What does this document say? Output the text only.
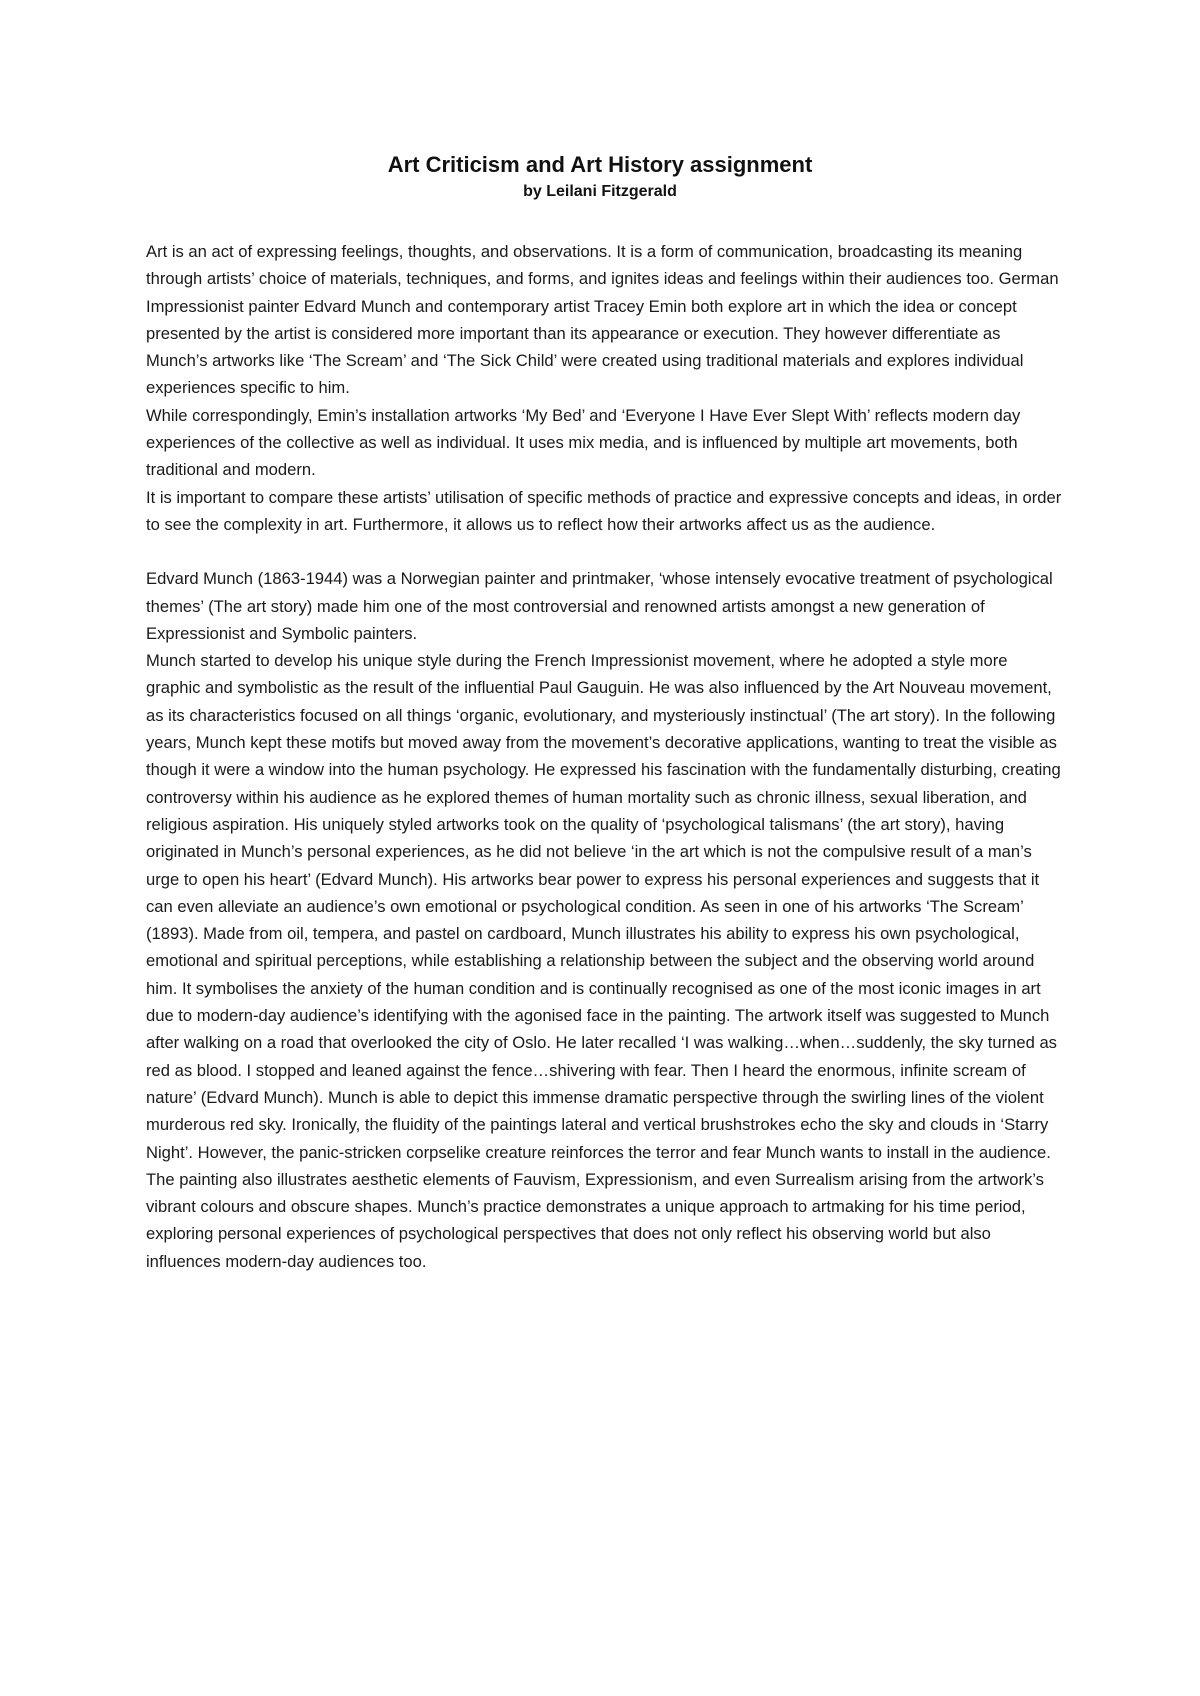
Art Criticism and Art History assignment

by Leilani Fitzgerald

Art is an act of expressing feelings, thoughts, and observations. It is a form of communication, broadcasting its meaning through artists’ choice of materials, techniques, and forms, and ignites ideas and feelings within their audiences too. German Impressionist painter Edvard Munch and contemporary artist Tracey Emin both explore art in which the idea or concept presented by the artist is considered more important than its appearance or execution. They however differentiate as Munch’s artworks like ‘The Scream’ and ‘The Sick Child’ were created using traditional materials and explores individual experiences specific to him.

While correspondingly, Emin’s installation artworks ‘My Bed’ and ‘Everyone I Have Ever Slept With’ reflects modern day experiences of the collective as well as individual. It uses mix media, and is influenced by multiple art movements, both traditional and modern.

It is important to compare these artists’ utilisation of specific methods of practice and expressive concepts and ideas, in order to see the complexity in art. Furthermore, it allows us to reflect how their artworks affect us as the audience.

Edvard Munch (1863-1944) was a Norwegian painter and printmaker, ‘whose intensely evocative treatment of psychological themes’ (The art story) made him one of the most controversial and renowned artists amongst a new generation of Expressionist and Symbolic painters.

Munch started to develop his unique style during the French Impressionist movement, where he adopted a style more graphic and symbolistic as the result of the influential Paul Gauguin. He was also influenced by the Art Nouveau movement, as its characteristics focused on all things ‘organic, evolutionary, and mysteriously instinctual’ (The art story). In the following years, Munch kept these motifs but moved away from the movement’s decorative applications, wanting to treat the visible as though it were a window into the human psychology. He expressed his fascination with the fundamentally disturbing, creating controversy within his audience as he explored themes of human mortality such as chronic illness, sexual liberation, and religious aspiration. His uniquely styled artworks took on the quality of ‘psychological talismans’ (the art story), having originated in Munch’s personal experiences, as he did not believe ‘in the art which is not the compulsive result of a man’s urge to open his heart’ (Edvard Munch). His artworks bear power to express his personal experiences and suggests that it can even alleviate an audience’s own emotional or psychological condition. As seen in one of his artworks ‘The Scream’ (1893). Made from oil, tempera, and pastel on cardboard, Munch illustrates his ability to express his own psychological, emotional and spiritual perceptions, while establishing a relationship between the subject and the observing world around him. It symbolises the anxiety of the human condition and is continually recognised as one of the most iconic images in art due to modern-day audience’s identifying with the agonised face in the painting. The artwork itself was suggested to Munch after walking on a road that overlooked the city of Oslo. He later recalled ‘I was walking…when…suddenly, the sky turned as red as blood. I stopped and leaned against the fence…shivering with fear. Then I heard the enormous, infinite scream of nature’ (Edvard Munch). Munch is able to depict this immense dramatic perspective through the swirling lines of the violent murderous red sky. Ironically, the fluidity of the paintings lateral and vertical brushstrokes echo the sky and clouds in ‘Starry Night’. However, the panic-stricken corpselike creature reinforces the terror and fear Munch wants to install in the audience.

The painting also illustrates aesthetic elements of Fauvism, Expressionism, and even Surrealism arising from the artwork’s vibrant colours and obscure shapes. Munch’s practice demonstrates a unique approach to artmaking for his time period, exploring personal experiences of psychological perspectives that does not only reflect his observing world but also influences modern-day audiences too.
